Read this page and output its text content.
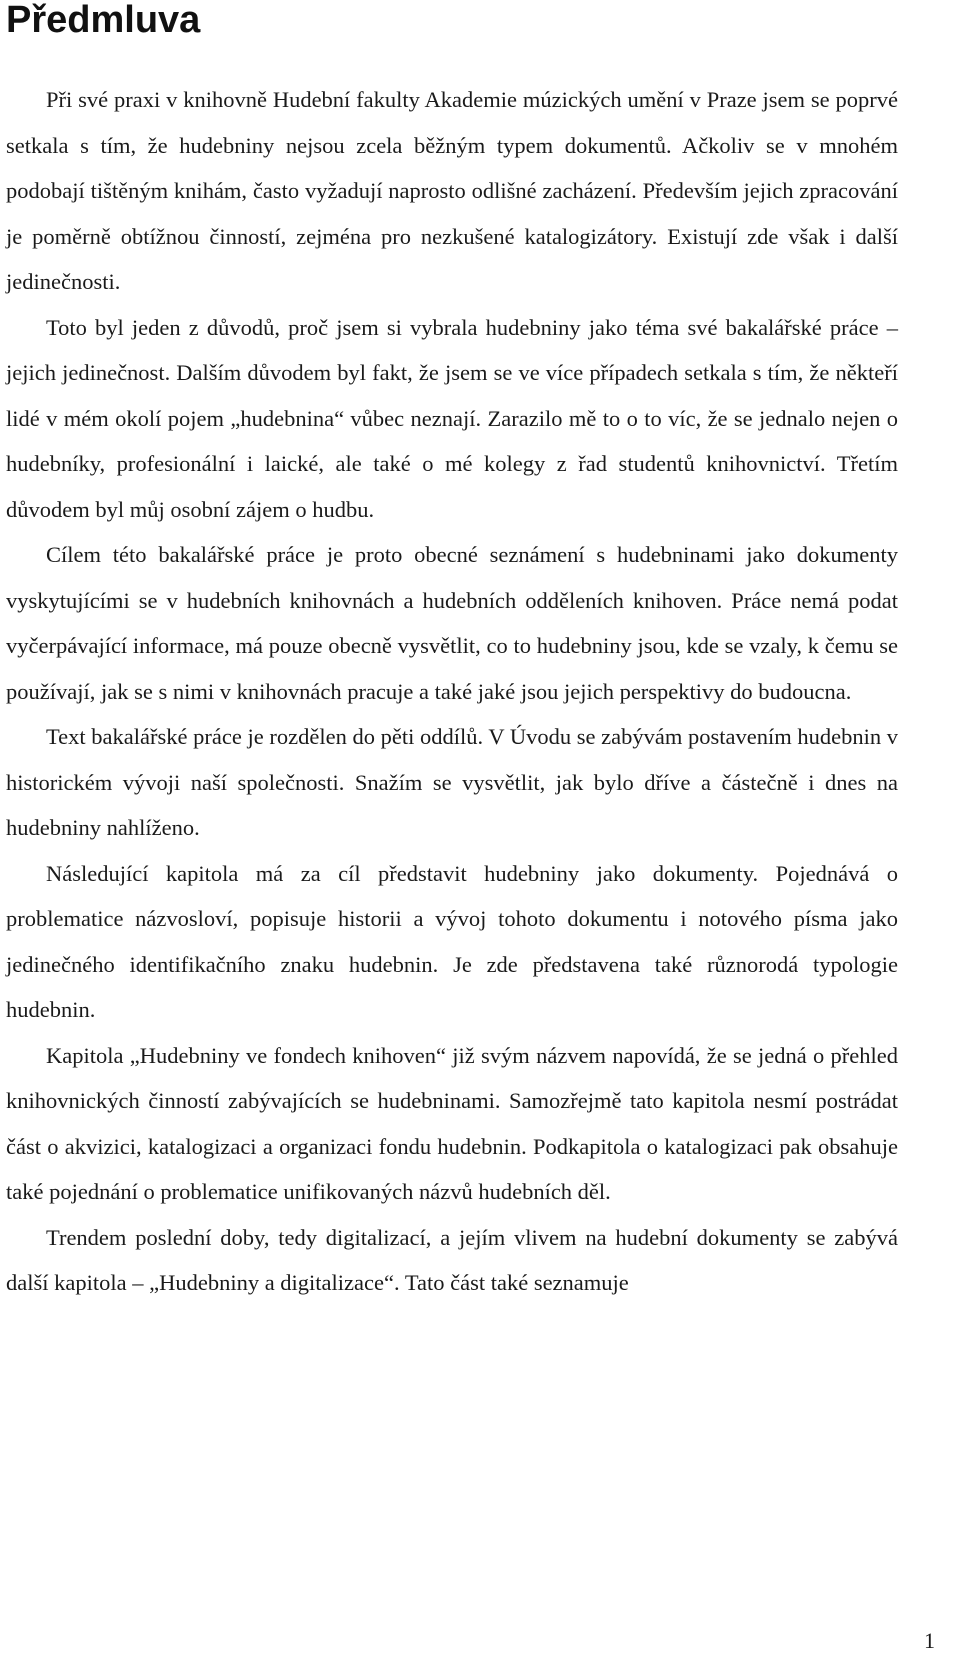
Předmluva

Při své praxi v knihovně Hudební fakulty Akademie múzických umění v Praze jsem se poprvé setkala s tím, že hudebniny nejsou zcela běžným typem dokumentů. Ačkoliv se v mnohém podobají tištěným knihám, často vyžadují naprosto odlišné zacházení. Především jejich zpracování je poměrně obtížnou činností, zejména pro nezkušené katalogizátory. Existují zde však i další jedinečnosti.

Toto byl jeden z důvodů, proč jsem si vybrala hudebniny jako téma své bakalářské práce – jejich jedinečnost. Dalším důvodem byl fakt, že jsem se ve více případech setkala s tím, že někteří lidé v mém okolí pojem „hudebnina“ vůbec neznají. Zarazilo mě to o to víc, že se jednalo nejen o hudebníky, profesionální i laické, ale také o mé kolegy z řad studentů knihovnictví. Třetím důvodem byl můj osobní zájem o hudbu.

Cílem této bakalářské práce je proto obecné seznámení s hudebninami jako dokumenty vyskytujícími se v hudebních knihovnách a hudebních odděleních knihoven. Práce nemá podat vyčerpávající informace, má pouze obecně vysvětlit, co to hudebniny jsou, kde se vzaly, k čemu se používají, jak se s nimi v knihovnách pracuje a také jaké jsou jejich perspektivy do budoucna.

Text bakalářské práce je rozdělen do pěti oddílů. V Úvodu se zabývám postavením hudebnin v historickém vývoji naší společnosti. Snažím se vysvětlit, jak bylo dříve a částečně i dnes na hudebniny nahlíženo.

Následující kapitola má za cíl představit hudebniny jako dokumenty. Pojednává o problematice názvosloví, popisuje historii a vývoj tohoto dokumentu i notového písma jako jedinečného identifikačního znaku hudebnin. Je zde představena také různorodá typologie hudebnin.

Kapitola „Hudebniny ve fondech knihoven“ již svým názvem napovídá, že se jedná o přehled knihovnických činností zabývajících se hudebninami. Samozřejmě tato kapitola nesmí postrádat část o akvizici, katalogizaci a organizaci fondu hudebnin. Podkapitola o katalogizaci pak obsahuje také pojednání o problematice unifikovaných názvů hudebních děl.

Trendem poslední doby, tedy digitalizací, a jejím vlivem na hudební dokumenty se zabývá další kapitola – „Hudebniny a digitalizace“. Tato část také seznamuje

1
